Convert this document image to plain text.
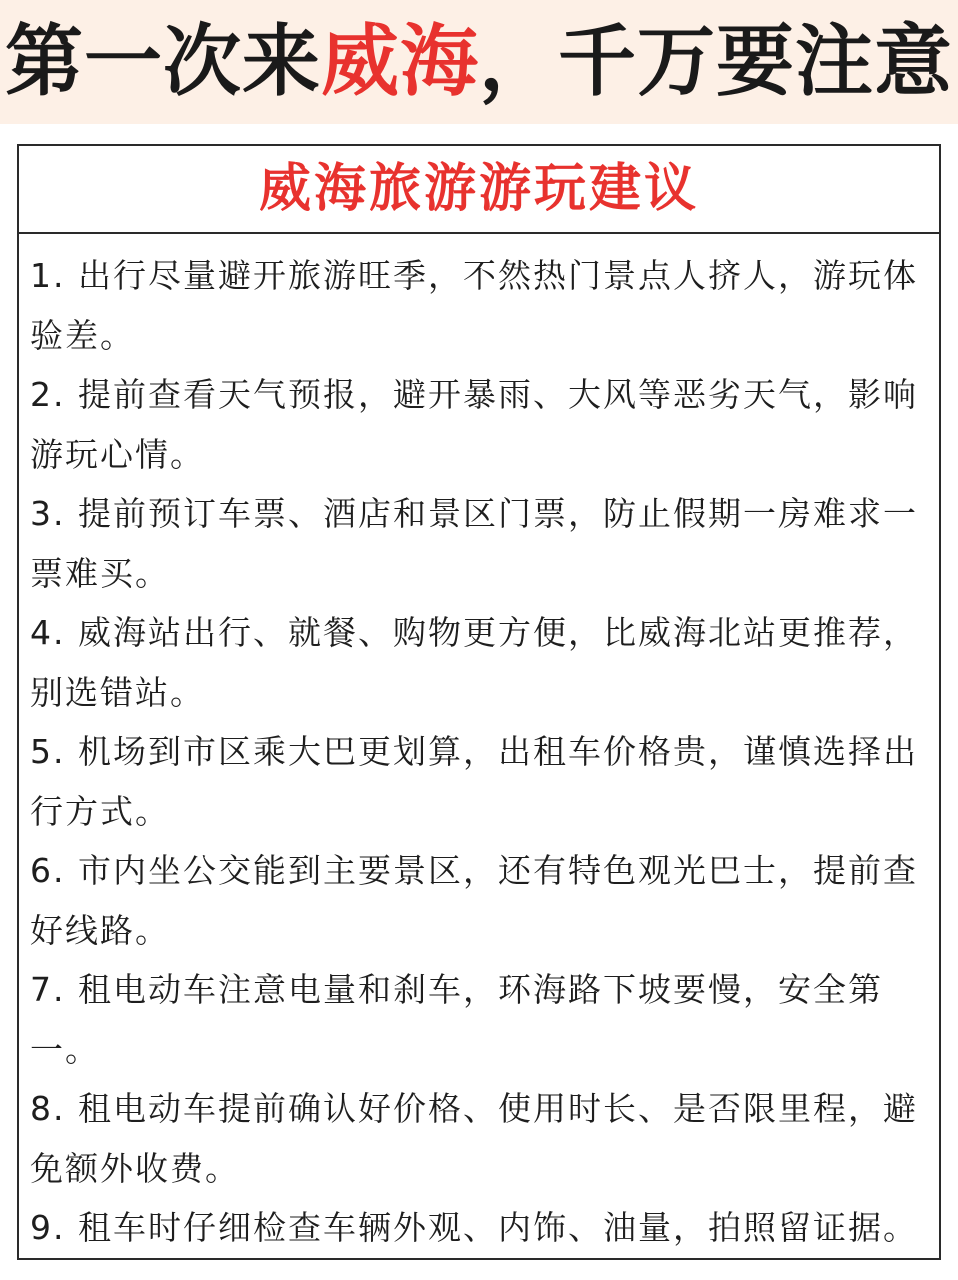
第一次来威海，千万要注意
威海旅游游玩建议
1. 出行尽量避开旅游旺季，不然热门景点人挤人，游玩体验差。
2. 提前查看天气预报，避开暴雨、大风等恶劣天气，影响游玩心情。
3. 提前预订车票、酒店和景区门票，防止假期一房难求一票难买。
4. 威海站出行、就餐、购物更方便，比威海北站更推荐，别选错站。
5. 机场到市区乘大巴更划算，出租车价格贵，谨慎选择出行方式。
6. 市内坐公交能到主要景区，还有特色观光巴士，提前查好线路。
7. 租电动车注意电量和刹车，环海路下坡要慢，安全第一。
8. 租电动车提前确认好价格、使用时长、是否限里程，避免额外收费。
9. 租车时仔细检查车辆外观、内饰、油量，拍照留证据。
